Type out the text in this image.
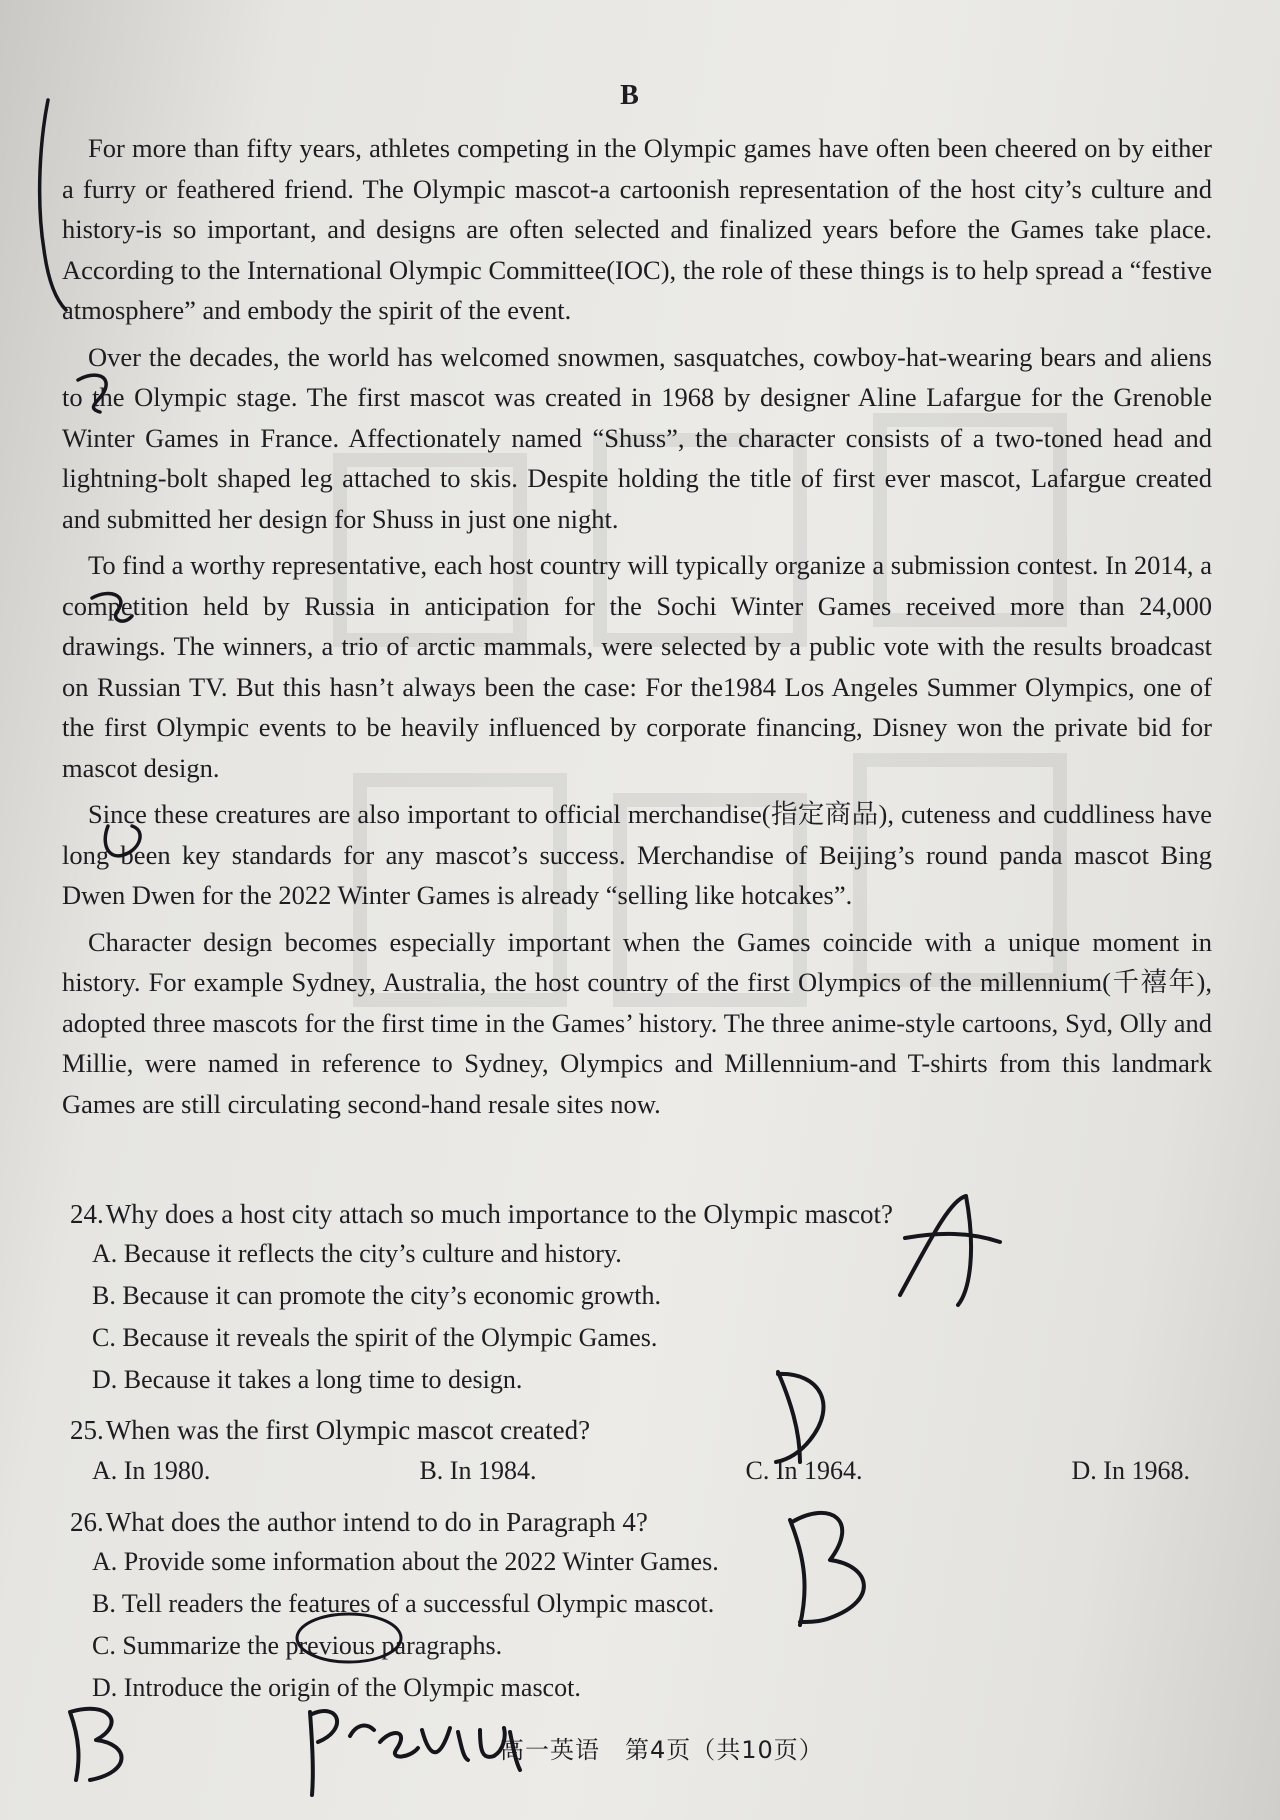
B

For more than fifty years, athletes competing in the Olympic games have often been cheered on by either a furry or feathered friend. The Olympic mascot-a cartoonish representation of the host city’s culture and history-is so important, and designs are often selected and finalized years before the Games take place. According to the International Olympic Committee(IOC), the role of these things is to help spread a “festive atmosphere” and embody the spirit of the event.

Over the decades, the world has welcomed snowmen, sasquatches, cowboy-hat-wearing bears and aliens to the Olympic stage. The first mascot was created in 1968 by designer Aline Lafargue for the Grenoble Winter Games in France. Affectionately named “Shuss”, the character consists of a two-toned head and lightning-bolt shaped leg attached to skis. Despite holding the title of first ever mascot, Lafargue created and submitted her design for Shuss in just one night.

To find a worthy representative, each host country will typically organize a submission contest. In 2014, a competition held by Russia in anticipation for the Sochi Winter Games received more than 24,000 drawings. The winners, a trio of arctic mammals, were selected by a public vote with the results broadcast on Russian TV. But this hasn’t always been the case: For the1984 Los Angeles Summer Olympics, one of the first Olympic events to be heavily influenced by corporate financing, Disney won the private bid for mascot design.

Since these creatures are also important to official merchandise(指定商品), cuteness and cuddliness have long been key standards for any mascot’s success. Merchandise of Beijing’s round panda mascot Bing Dwen Dwen for the 2022 Winter Games is already “selling like hotcakes”.

Character design becomes especially important when the Games coincide with a unique moment in history. For example Sydney, Australia, the host country of the first Olympics of the millennium(千禧年), adopted three mascots for the first time in the Games’ history. The three anime-style cartoons, Syd, Olly and Millie, were named in reference to Sydney, Olympics and Millennium-and T-shirts from this landmark Games are still circulating second-hand resale sites now.

24.Why does a host city attach so much importance to the Olympic mascot?
A. Because it reflects the city’s culture and history.
B. Because it can promote the city’s economic growth.
C. Because it reveals the spirit of the Olympic Games.
D. Because it takes a long time to design.
25.When was the first Olympic mascot created?
A. In 1980.	B. In 1984.	C. In 1964.	D. In 1968.
26.What does the author intend to do in Paragraph 4?
A. Provide some information about the 2022 Winter Games.
B. Tell readers the features of a successful Olympic mascot.
C. Summarize the previous paragraphs.
D. Introduce the origin of the Olympic mascot.
高一英语　第4页（共10页）
